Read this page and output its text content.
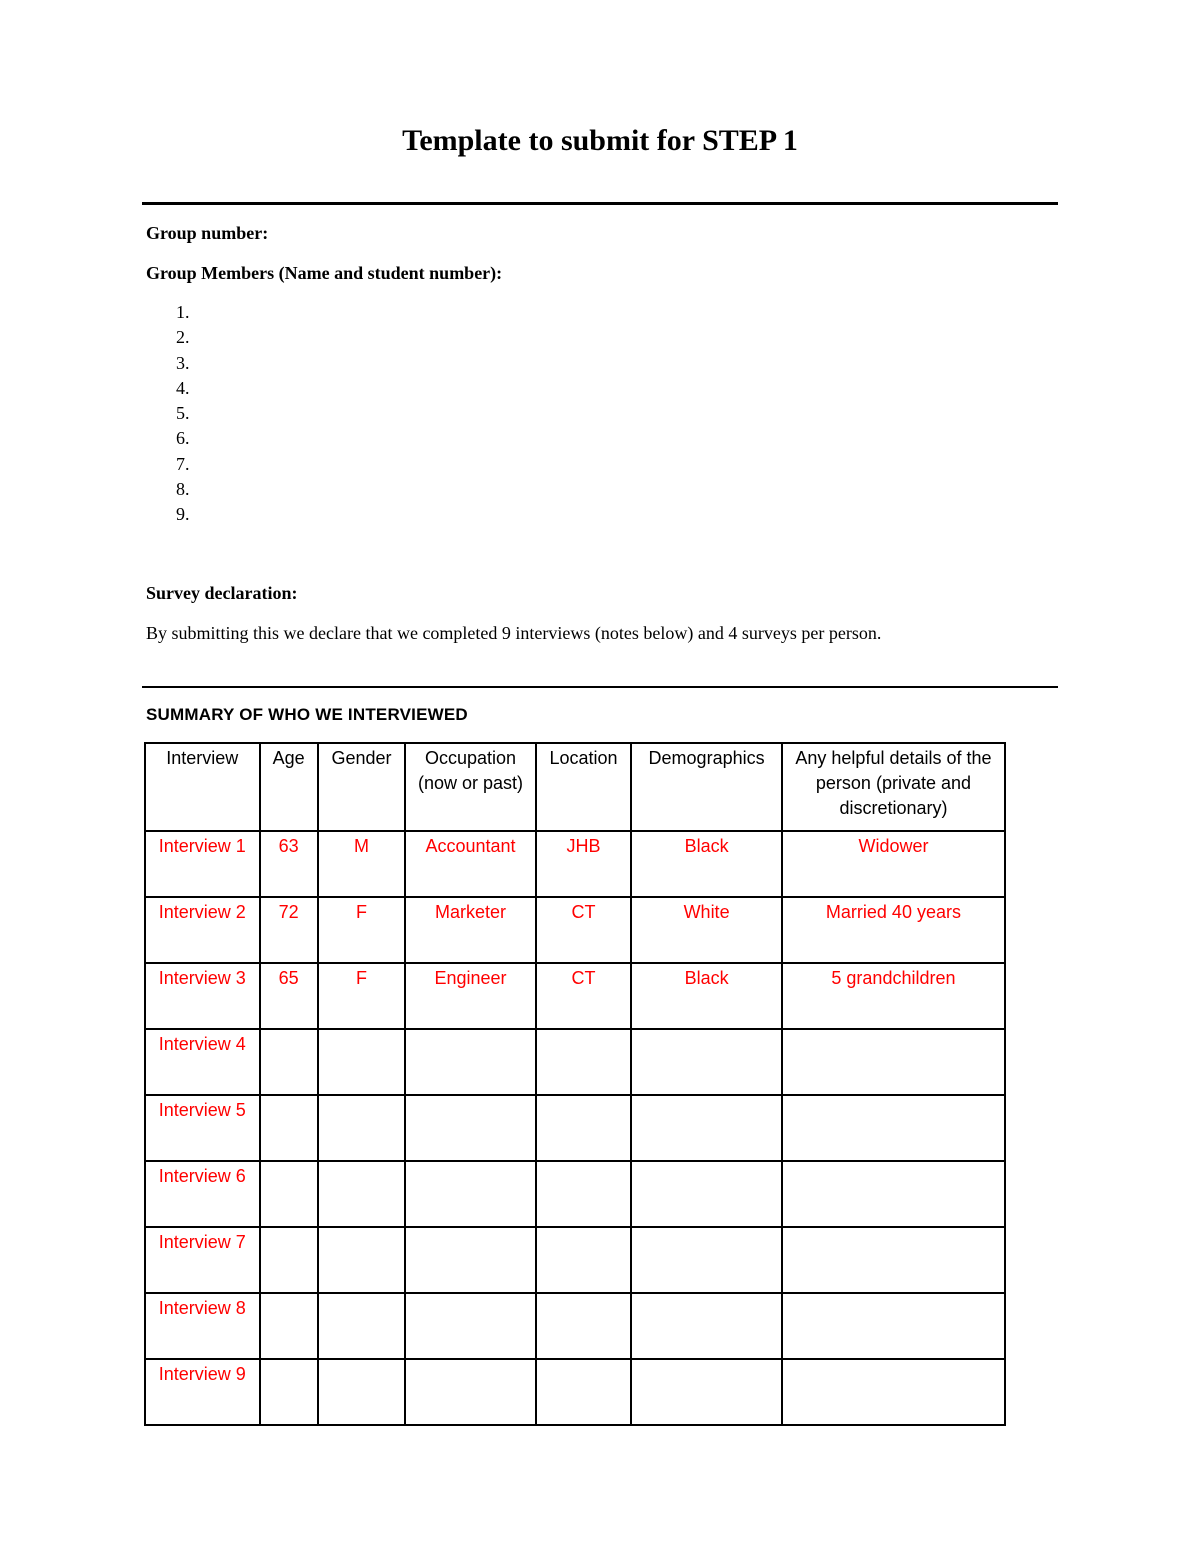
Template to submit for STEP 1

Group number:

Group Members (Name and student number):

1.
2.
3.
4.
5.
6.
7.
8.
9.

Survey declaration:

By submitting this we declare that we completed 9 interviews (notes below) and 4 surveys per person.

SUMMARY OF WHO WE INTERVIEWED

Interview	Age	Gender	Occupation (now or past)	Location	Demographics	Any helpful details of the person (private and discretionary)
Interview 1	63	M	Accountant	JHB	Black	Widower
Interview 2	72	F	Marketer	CT	White	Married 40 years
Interview 3	65	F	Engineer	CT	Black	5 grandchildren
Interview 4						
Interview 5						
Interview 6						
Interview 7						
Interview 8						
Interview 9						
